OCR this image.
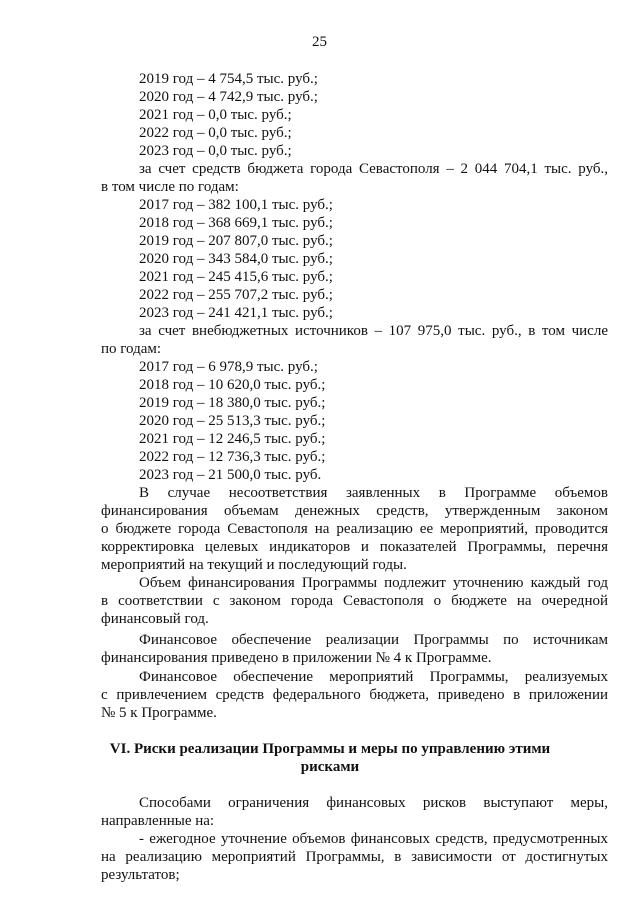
25
2019 год – 4 754,5 тыс. руб.;
2020 год – 4 742,9 тыс. руб.;
2021 год – 0,0 тыс. руб.;
2022 год – 0,0 тыс. руб.;
2023 год – 0,0 тыс. руб.;
за счет средств бюджета города Севастополя – 2 044 704,1 тыс. руб.,
в том числе по годам:
2017 год – 382 100,1 тыс. руб.;
2018 год – 368 669,1 тыс. руб.;
2019 год – 207 807,0 тыс. руб.;
2020 год – 343 584,0 тыс. руб.;
2021 год – 245 415,6 тыс. руб.;
2022 год – 255 707,2 тыс. руб.;
2023 год – 241 421,1 тыс. руб.;
за счет внебюджетных источников – 107 975,0 тыс. руб., в том числе
по годам:
2017 год – 6 978,9 тыс. руб.;
2018 год – 10 620,0 тыс. руб.;
2019 год – 18 380,0 тыс. руб.;
2020 год – 25 513,3 тыс. руб.;
2021 год – 12 246,5 тыс. руб.;
2022 год – 12 736,3 тыс. руб.;
2023 год – 21 500,0 тыс. руб.
В случае несоответствия заявленных в Программе объемов
финансирования объемам денежных средств, утвержденным законом
о бюджете города Севастополя на реализацию ее мероприятий, проводится
корректировка целевых индикаторов и показателей Программы, перечня
мероприятий на текущий и последующий годы.
Объем финансирования Программы подлежит уточнению каждый год
в соответствии с законом города Севастополя о бюджете на очередной
финансовый год.
Финансовое обеспечение реализации Программы по источникам
финансирования приведено в приложении № 4 к Программе.
Финансовое обеспечение мероприятий Программы, реализуемых
с привлечением средств федерального бюджета, приведено в приложении
№ 5 к Программе.
VI. Риски реализации Программы и меры по управлению этими
рисками
Способами ограничения финансовых рисков выступают меры,
направленные на:
- ежегодное уточнение объемов финансовых средств, предусмотренных
на реализацию мероприятий Программы, в зависимости от достигнутых
результатов;
